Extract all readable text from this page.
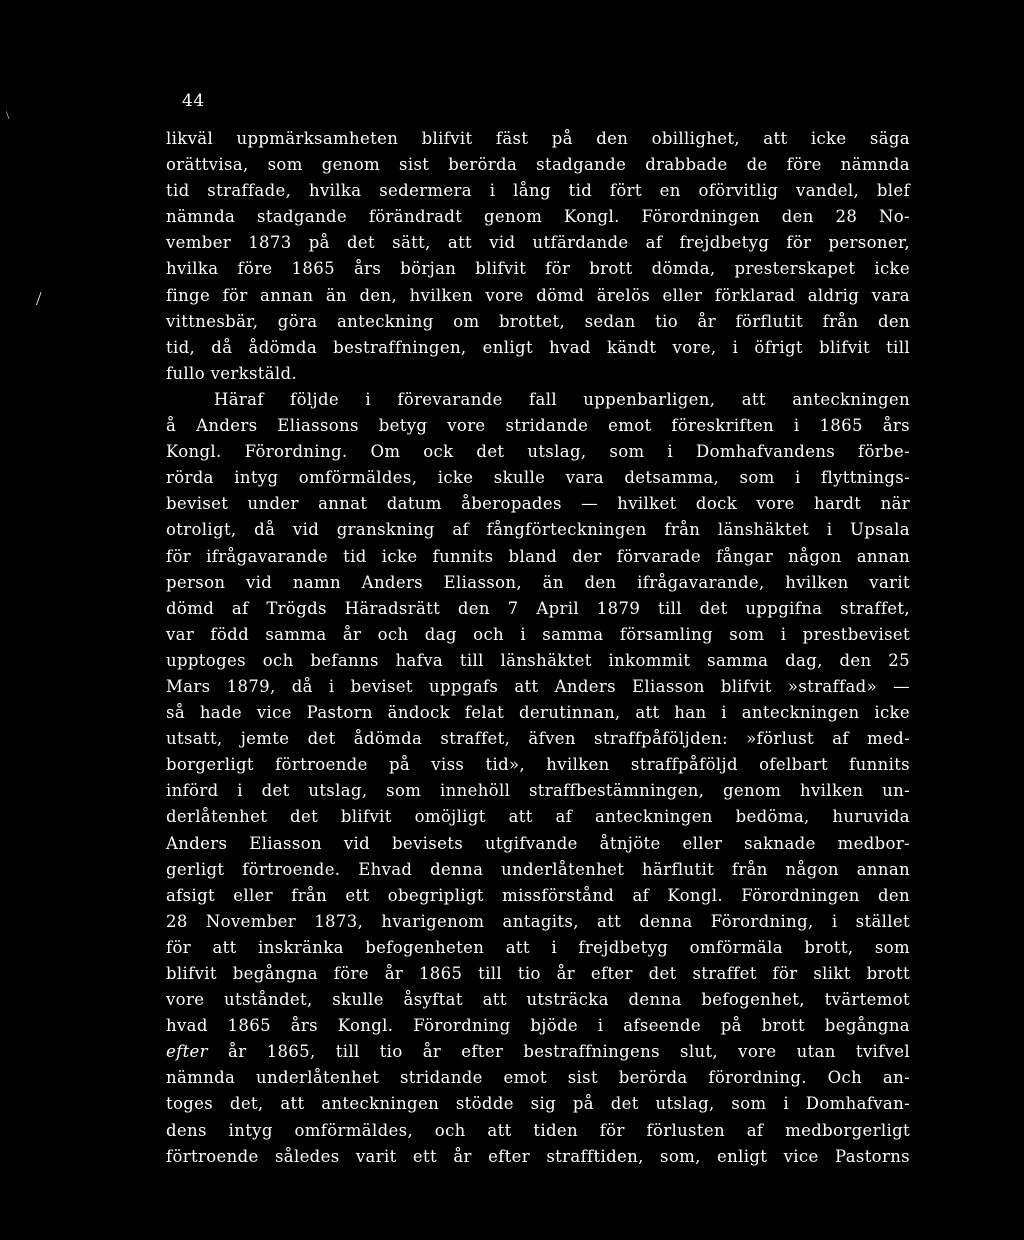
44
\
/
likväl uppmärksamheten blifvit fäst på den obillighet, att icke säga
orättvisa, som genom sist berörda stadgande drabbade de före nämnda
tid straffade, hvilka sedermera i lång tid fört en oförvitlig vandel, blef
nämnda stadgande förändradt genom Kongl. Förordningen den 28 No-
vember 1873 på det sätt, att vid utfärdande af frejdbetyg för personer,
hvilka före 1865 års början blifvit för brott dömda, presterskapet icke
finge för annan än den, hvilken vore dömd ärelös eller förklarad aldrig vara
vittnesbär, göra anteckning om brottet, sedan tio år förflutit från den
tid, då ådömda bestraffningen, enligt hvad kändt vore, i öfrigt blifvit till
fullo verkstäld.
Häraf följde i förevarande fall uppenbarligen, att anteckningen
å Anders Eliassons betyg vore stridande emot föreskriften i 1865 års
Kongl. Förordning. Om ock det utslag, som i Domhafvandens förbe-
rörda intyg omförmäldes, icke skulle vara detsamma, som i flyttnings-
beviset under annat datum åberopades — hvilket dock vore hardt när
otroligt, då vid granskning af fångförteckningen från länshäktet i Upsala
för ifrågavarande tid icke funnits bland der förvarade fångar någon annan
person vid namn Anders Eliasson, än den ifrågavarande, hvilken varit
dömd af Trögds Häradsrätt den 7 April 1879 till det uppgifna straffet,
var född samma år och dag och i samma församling som i prestbeviset
upptoges och befanns hafva till länshäktet inkommit samma dag, den 25
Mars 1879, då i beviset uppgafs att Anders Eliasson blifvit »straffad» —
så hade vice Pastorn ändock felat derutinnan, att han i anteckningen icke
utsatt, jemte det ådömda straffet, äfven straffpåföljden: »förlust af med-
borgerligt förtroende på viss tid», hvilken straffpåföljd ofelbart funnits
införd i det utslag, som innehöll straffbestämningen, genom hvilken un-
derlåtenhet det blifvit omöjligt att af anteckningen bedöma, huruvida
Anders Eliasson vid bevisets utgifvande åtnjöte eller saknade medbor-
gerligt förtroende. Ehvad denna underlåtenhet härflutit från någon annan
afsigt eller från ett obegripligt missförstånd af Kongl. Förordningen den
28 November 1873, hvarigenom antagits, att denna Förordning, i stället
för att inskränka befogenheten att i frejdbetyg omförmäla brott, som
blifvit begångna före år 1865 till tio år efter det straffet för slikt brott
vore utståndet, skulle åsyftat att utsträcka denna befogenhet, tvärtemot
hvad 1865 års Kongl. Förordning bjöde i afseende på brott begångna
efter år 1865, till tio år efter bestraffningens slut, vore utan tvifvel
nämnda underlåtenhet stridande emot sist berörda förordning. Och an-
toges det, att anteckningen stödde sig på det utslag, som i Domhafvan-
dens intyg omförmäldes, och att tiden för förlusten af medborgerligt
förtroende således varit ett år efter strafftiden, som, enligt vice Pastorns
